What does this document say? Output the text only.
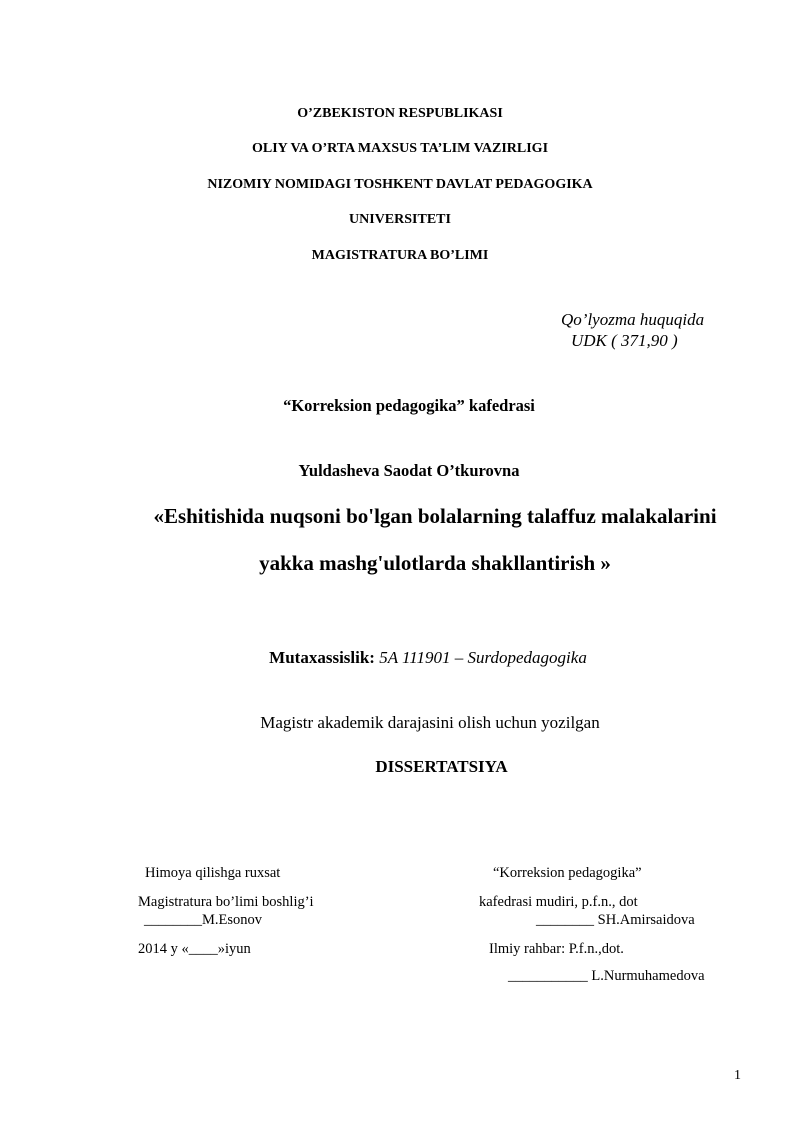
O’ZBEKISTON RESPUBLIKASI
OLIY VA O’RTA MAXSUS TA’LIM VAZIRLIGI
NIZOMIY NOMIDAGI TOSHKENT DAVLAT PEDAGOGIKA
UNIVERSITETI
MAGISTRATURA BO’LIMI
Qo’lyozma huquqida
UDK ( 371,90 )
“Korreksion pedagogika” kafedrasi
Yuldasheva Saodat O’tkurovna
«Eshitishida nuqsoni bo'lgan bolalarning talaffuz malakalarini
yakka mashg'ulotlarda shakllantirish »
Mutaxassislik: 5A 111901 – Surdopedagogika
Magistr akademik darajasini olish uchun yozilgan
DISSERTATSIYA
Himoya qilishga ruxsat
Magistratura bo’limi boshlig’i
________M.Esonov
2014 y «____»iyun
“Korreksion pedagogika”
kafedrasi mudiri, p.f.n., dot
________ SH.Amirsaidova
Ilmiy rahbar: P.f.n.,dot.
___________ L.Nurmuhamedova
1
